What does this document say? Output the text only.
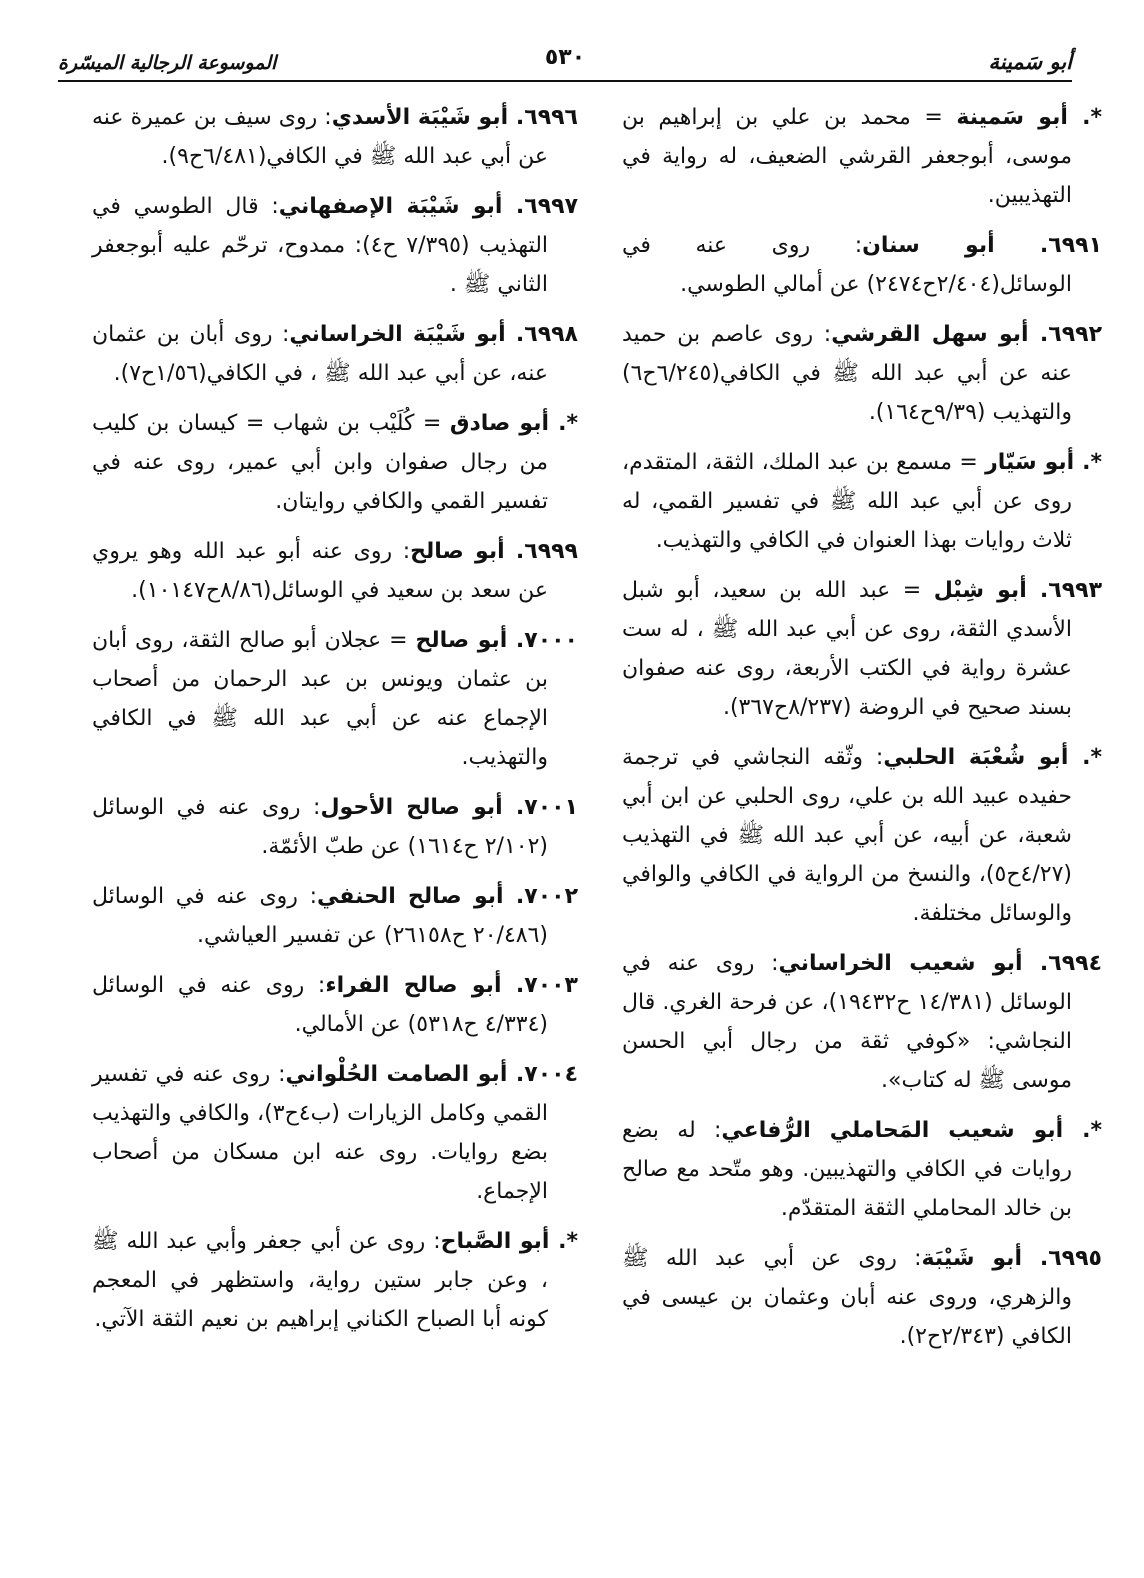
أبو سَمينة
٥٣٠
الموسوعة الرجالية الميسّرة

*. أبو سَمينة = محمد بن علي بن إبراهيم بن موسى، أبوجعفر القرشي الضعيف، له رواية في التهذيبين.

٦٩٩١. أبو سنان: روى عنه في الوسائل(٢/٤٠٤ح٢٤٧٤) عن أمالي الطوسي.

٦٩٩٢. أبو سهل القرشي: روى عاصم بن حميد عنه عن أبي عبد الله ﷺ في الكافي(٦/٢٤٥ح٦) والتهذيب (٩/٣٩ح١٦٤).

*. أبو سَيّار = مسمع بن عبد الملك، الثقة، المتقدم، روى عن أبي عبد الله ﷺ في تفسير القمي، له ثلاث روايات بهذا العنوان في الكافي والتهذيب.

٦٩٩٣. أبو شِبْل = عبد الله بن سعيد، أبو شبل الأسدي الثقة، روى عن أبي عبد الله ﷺ ، له ست عشرة رواية في الكتب الأربعة، روى عنه صفوان بسند صحيح في الروضة (٨/٢٣٧ح٣٦٧).

*. أبو شُعْبَة الحلبي: وثّقه النجاشي في ترجمة حفيده عبيد الله بن علي، روى الحلبي عن ابن أبي شعبة، عن أبيه، عن أبي عبد الله ﷺ في التهذيب (٤/٢٧ح٥)، والنسخ من الرواية في الكافي والوافي والوسائل مختلفة.

٦٩٩٤. أبو شعيب الخراساني: روى عنه في الوسائل (١٤/٣٨١ ح١٩٤٣٢)، عن فرحة الغري. قال النجاشي: «كوفي ثقة من رجال أبي الحسن موسى ﷺ له كتاب».

*. أبو شعيب المَحاملي الرُّفاعي: له بضع روايات في الكافي والتهذيبين. وهو متّحد مع صالح بن خالد المحاملي الثقة المتقدّم.

٦٩٩٥. أبو شَيْبَة: روى عن أبي عبد الله ﷺ والزهري، وروى عنه أبان وعثمان بن عيسى في الكافي (٢/٣٤٣ح٢).

٦٩٩٦. أبو شَيْبَة الأسدي: روى سيف بن عميرة عنه عن أبي عبد الله ﷺ في الكافي(٦/٤٨١ح٩).

٦٩٩٧. أبو شَيْبَة الإصفهاني: قال الطوسي في التهذيب (٧/٣٩٥ ح٤): ممدوح، ترحّم عليه أبوجعفر الثاني ﷺ .

٦٩٩٨. أبو شَيْبَة الخراساني: روى أبان بن عثمان عنه، عن أبي عبد الله ﷺ ، في الكافي(١/٥٦ح٧).

*. أبو صادق = كُلَيْب بن شهاب = كيسان بن كليب من رجال صفوان وابن أبي عمير، روى عنه في تفسير القمي والكافي روايتان.

٦٩٩٩. أبو صالح: روى عنه أبو عبد الله وهو يروي عن سعد بن سعيد في الوسائل(٨/٨٦ح١٠١٤٧).

٧٠٠٠. أبو صالح = عجلان أبو صالح الثقة، روى أبان بن عثمان ويونس بن عبد الرحمان من أصحاب الإجماع عنه عن أبي عبد الله ﷺ في الكافي والتهذيب.

٧٠٠١. أبو صالح الأحول: روى عنه في الوسائل (٢/١٠٢ ح١٦١٤) عن طبّ الأئمّة.

٧٠٠٢. أبو صالح الحنفي: روى عنه في الوسائل (٢٠/٤٨٦ ح٢٦١٥٨) عن تفسير العياشي.

٧٠٠٣. أبو صالح الفراء: روى عنه في الوسائل (٤/٣٣٤ ح٥٣١٨) عن الأمالي.

٧٠٠٤. أبو الصامت الحُلْواني: روى عنه في تفسير القمي وكامل الزيارات (ب٤ح٣)، والكافي والتهذيب بضع روايات. روى عنه ابن مسكان من أصحاب الإجماع.

*. أبو الصَّباح: روى عن أبي جعفر وأبي عبد الله ﷺ ، وعن جابر ستين رواية، واستظهر في المعجم كونه أبا الصباح الكناني إبراهيم بن نعيم الثقة الآتي.
